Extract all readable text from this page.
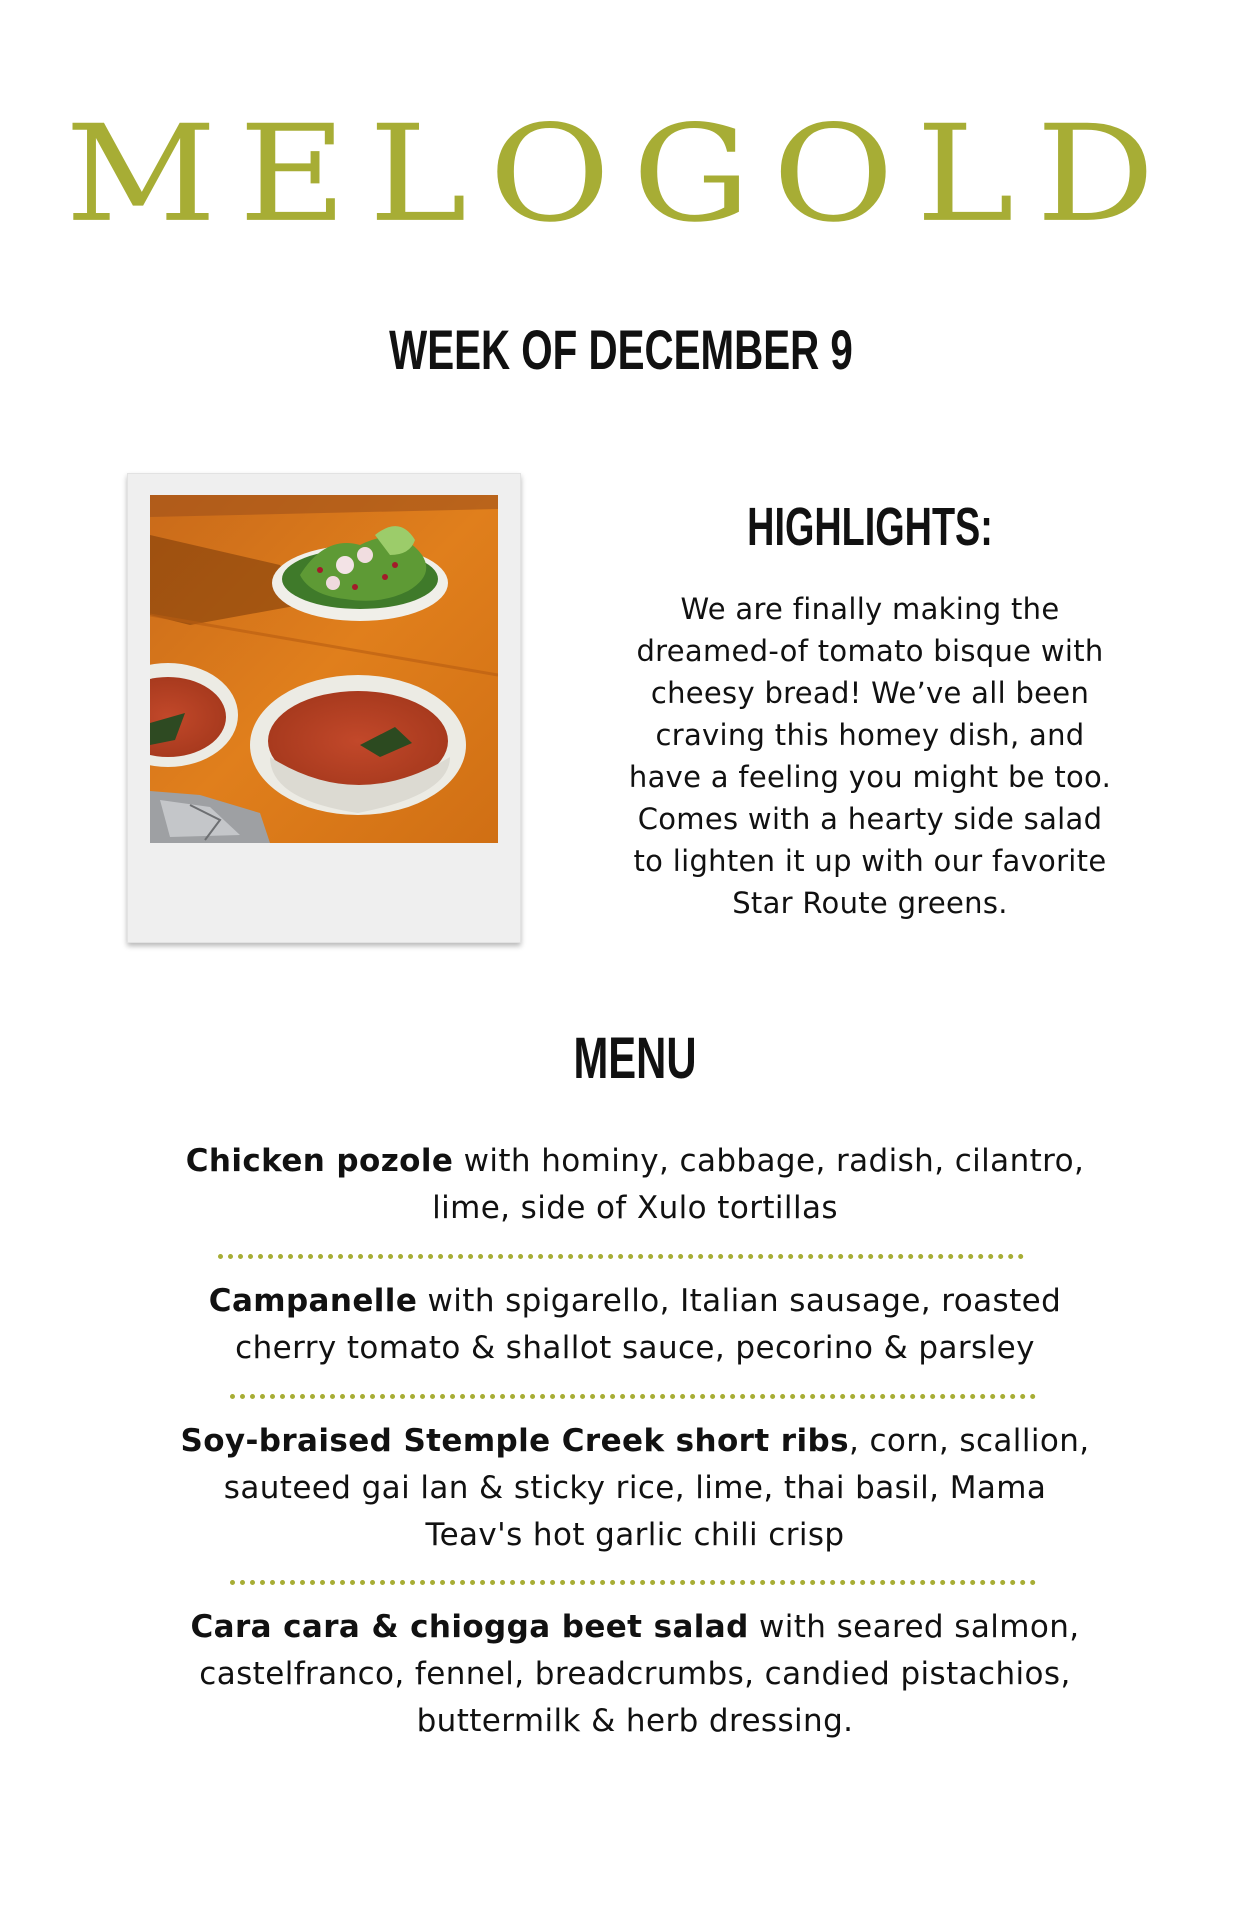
MELOGOLD
WEEK OF DECEMBER 9
HIGHLIGHTS:
We are finally making the
dreamed-of tomato bisque with
cheesy bread! We’ve all been
craving this homey dish, and
have a feeling you might be too.
Comes with a hearty side salad
to lighten it up with our favorite
Star Route greens.
MENU
Chicken pozole with hominy, cabbage, radish, cilantro,
lime, side of Xulo tortillas
Campanelle with spigarello, Italian sausage, roasted
cherry tomato & shallot sauce, pecorino & parsley
Soy-braised Stemple Creek short ribs, corn, scallion,
sauteed gai lan & sticky rice, lime, thai basil, Mama
Teav's hot garlic chili crisp
Cara cara & chiogga beet salad with seared salmon,
castelfranco, fennel, breadcrumbs, candied pistachios,
buttermilk & herb dressing.
